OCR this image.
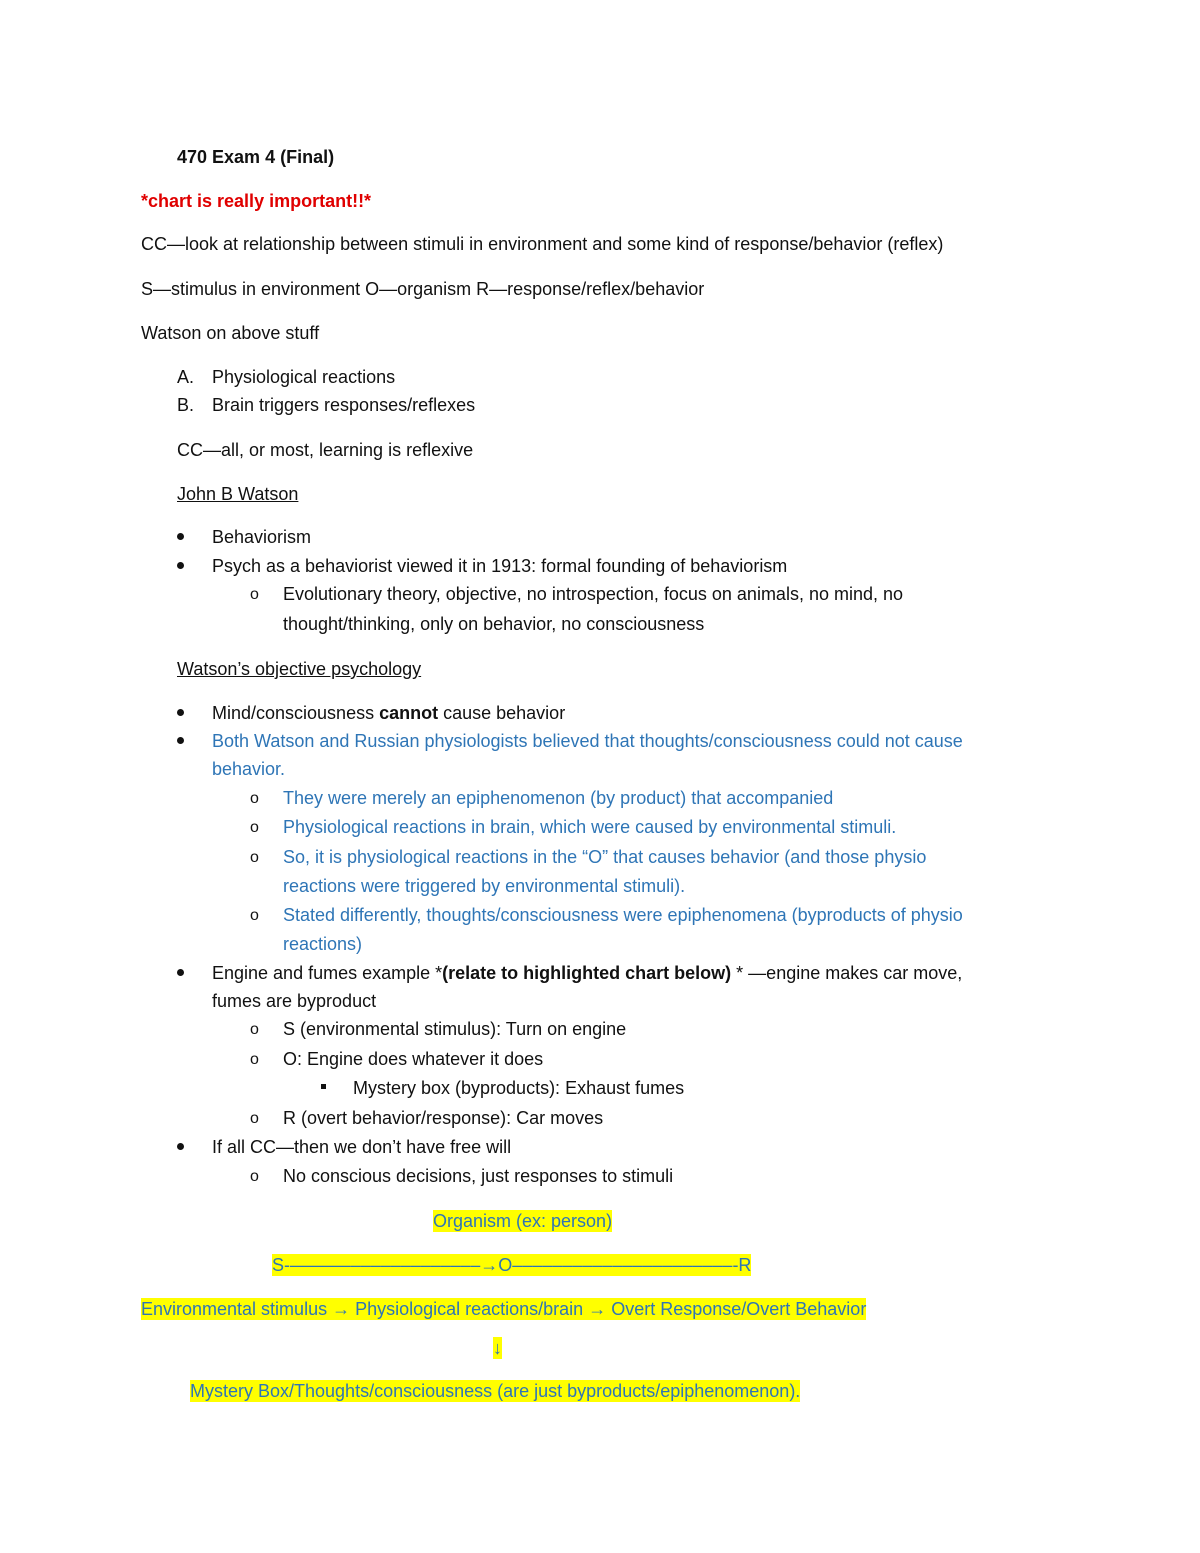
470 Exam 4 (Final)
*chart is really important!!*
CC—look at relationship between stimuli in environment and some kind of response/behavior (reflex)
S—stimulus in environment O—organism R—response/reflex/behavior
Watson on above stuff
A. Physiological reactions
B. Brain triggers responses/reflexes
CC—all, or most, learning is reflexive
John B Watson
Behaviorism
Psych as a behaviorist viewed it in 1913: formal founding of behaviorism
o Evolutionary theory, objective, no introspection, focus on animals, no mind, no
thought/thinking, only on behavior, no consciousness
Watson’s objective psychology
Mind/consciousness cannot cause behavior
Both Watson and Russian physiologists believed that thoughts/consciousness could not cause
behavior.
o They were merely an epiphenomenon (by product) that accompanied
o Physiological reactions in brain, which were caused by environmental stimuli.
o So, it is physiological reactions in the “O” that causes behavior (and those physio
reactions were triggered by environmental stimuli).
o Stated differently, thoughts/consciousness were epiphenomena (byproducts of physio
reactions)
Engine and fumes example *(relate to highlighted chart below) * —engine makes car move,
fumes are byproduct
o S (environmental stimulus): Turn on engine
o O: Engine does whatever it does
Mystery box (byproducts): Exhaust fumes
o R (overt behavior/response): Car moves
If all CC—then we don’t have free will
o No conscious decisions, just responses to stimuli
Organism (ex: person)
S-–––––––––––––––––––→O––––––––––––––––––––––-R
Environmental stimulus → Physiological reactions/brain → Overt Response/Overt Behavior
↓
Mystery Box/Thoughts/consciousness (are just byproducts/epiphenomenon).
